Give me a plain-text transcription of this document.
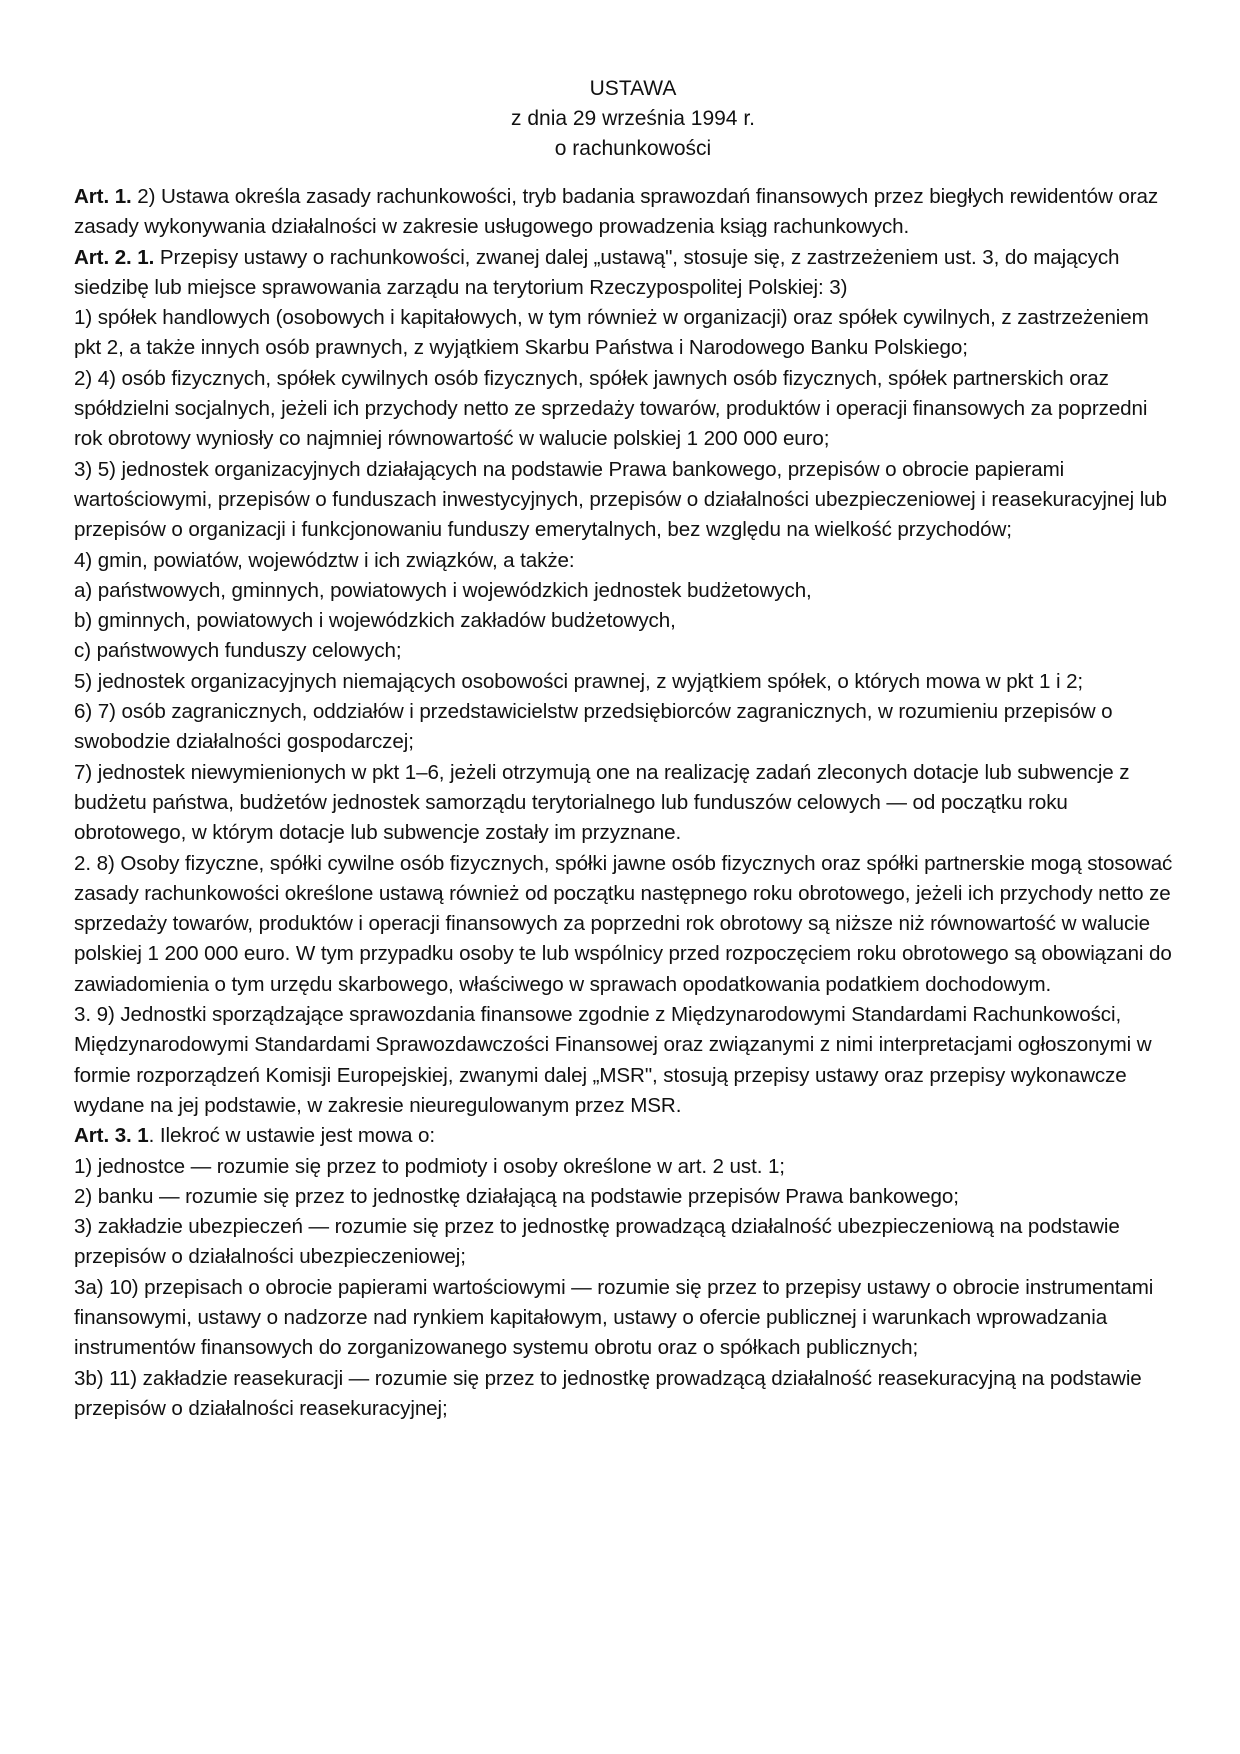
USTAWA
z dnia 29 września 1994 r.
o rachunkowości

Art. 1. 2) Ustawa określa zasady rachunkowości, tryb badania sprawozdań finansowych przez biegłych rewidentów oraz zasady wykonywania działalności w zakresie usługowego prowadzenia ksiąg rachunkowych.

Art. 2. 1. Przepisy ustawy o rachunkowości, zwanej dalej „ustawą", stosuje się, z zastrzeżeniem ust. 3, do mających siedzibę lub miejsce sprawowania zarządu na terytorium Rzeczypospolitej Polskiej: 3)

1) spółek handlowych (osobowych i kapitałowych, w tym również w organizacji) oraz spółek cywilnych, z zastrzeżeniem pkt 2, a także innych osób prawnych, z wyjątkiem Skarbu Państwa i Narodowego Banku Polskiego;

2) 4) osób fizycznych, spółek cywilnych osób fizycznych, spółek jawnych osób fizycznych, spółek partnerskich oraz spółdzielni socjalnych, jeżeli ich przychody netto ze sprzedaży towarów, produktów i operacji finansowych za poprzedni rok obrotowy wyniosły co najmniej równowartość w walucie polskiej 1 200 000 euro;

3) 5) jednostek organizacyjnych działających na podstawie Prawa bankowego, przepisów o obrocie papierami wartościowymi, przepisów o funduszach inwestycyjnych, przepisów o działalności ubezpieczeniowej i reasekuracyjnej lub przepisów o organizacji i funkcjonowaniu funduszy emerytalnych, bez względu na wielkość przychodów;

4) gmin, powiatów, województw i ich związków, a także:

a) państwowych, gminnych, powiatowych i wojewódzkich jednostek budżetowych,

b) gminnych, powiatowych i wojewódzkich zakładów budżetowych,

c) państwowych funduszy celowych;

5) jednostek organizacyjnych niemających osobowości prawnej, z wyjątkiem spółek, o których mowa w pkt 1 i 2;

6) 7) osób zagranicznych, oddziałów i przedstawicielstw przedsiębiorców zagranicznych, w rozumieniu przepisów o swobodzie działalności gospodarczej;

7) jednostek niewymienionych w pkt 1–6, jeżeli otrzymują one na realizację zadań zleconych dotacje lub subwencje z budżetu państwa, budżetów jednostek samorządu terytorialnego lub funduszów celowych — od początku roku obrotowego, w którym dotacje lub subwencje zostały im przyznane.

2. 8) Osoby fizyczne, spółki cywilne osób fizycznych, spółki jawne osób fizycznych oraz spółki partnerskie mogą stosować zasady rachunkowości określone ustawą również od początku następnego roku obrotowego, jeżeli ich przychody netto ze sprzedaży towarów, produktów i operacji finansowych za poprzedni rok obrotowy są niższe niż równowartość w walucie polskiej 1 200 000 euro. W tym przypadku osoby te lub wspólnicy przed rozpoczęciem roku obrotowego są obowiązani do zawiadomienia o tym urzędu skarbowego, właściwego w sprawach opodatkowania podatkiem dochodowym.

3. 9) Jednostki sporządzające sprawozdania finansowe zgodnie z Międzynarodowymi Standardami Rachunkowości, Międzynarodowymi Standardami Sprawozdawczości Finansowej oraz związanymi z nimi interpretacjami ogłoszonymi w formie rozporządzeń Komisji Europejskiej, zwanymi dalej „MSR", stosują przepisy ustawy oraz przepisy wykonawcze wydane na jej podstawie, w zakresie nieuregulowanym przez MSR.

Art. 3. 1. Ilekroć w ustawie jest mowa o:

1) jednostce — rozumie się przez to podmioty i osoby określone w art. 2 ust. 1;

2) banku — rozumie się przez to jednostkę działającą na podstawie przepisów Prawa bankowego;

3) zakładzie ubezpieczeń — rozumie się przez to jednostkę prowadzącą działalność ubezpieczeniową na podstawie przepisów o działalności ubezpieczeniowej;

3a) 10) przepisach o obrocie papierami wartościowymi — rozumie się przez to przepisy ustawy o obrocie instrumentami finansowymi, ustawy o nadzorze nad rynkiem kapitałowym, ustawy o ofercie publicznej i warunkach wprowadzania instrumentów finansowych do zorganizowanego systemu obrotu oraz o spółkach publicznych;

3b) 11) zakładzie reasekuracji — rozumie się przez to jednostkę prowadzącą działalność reasekuracyjną na podstawie przepisów o działalności reasekuracyjnej;
